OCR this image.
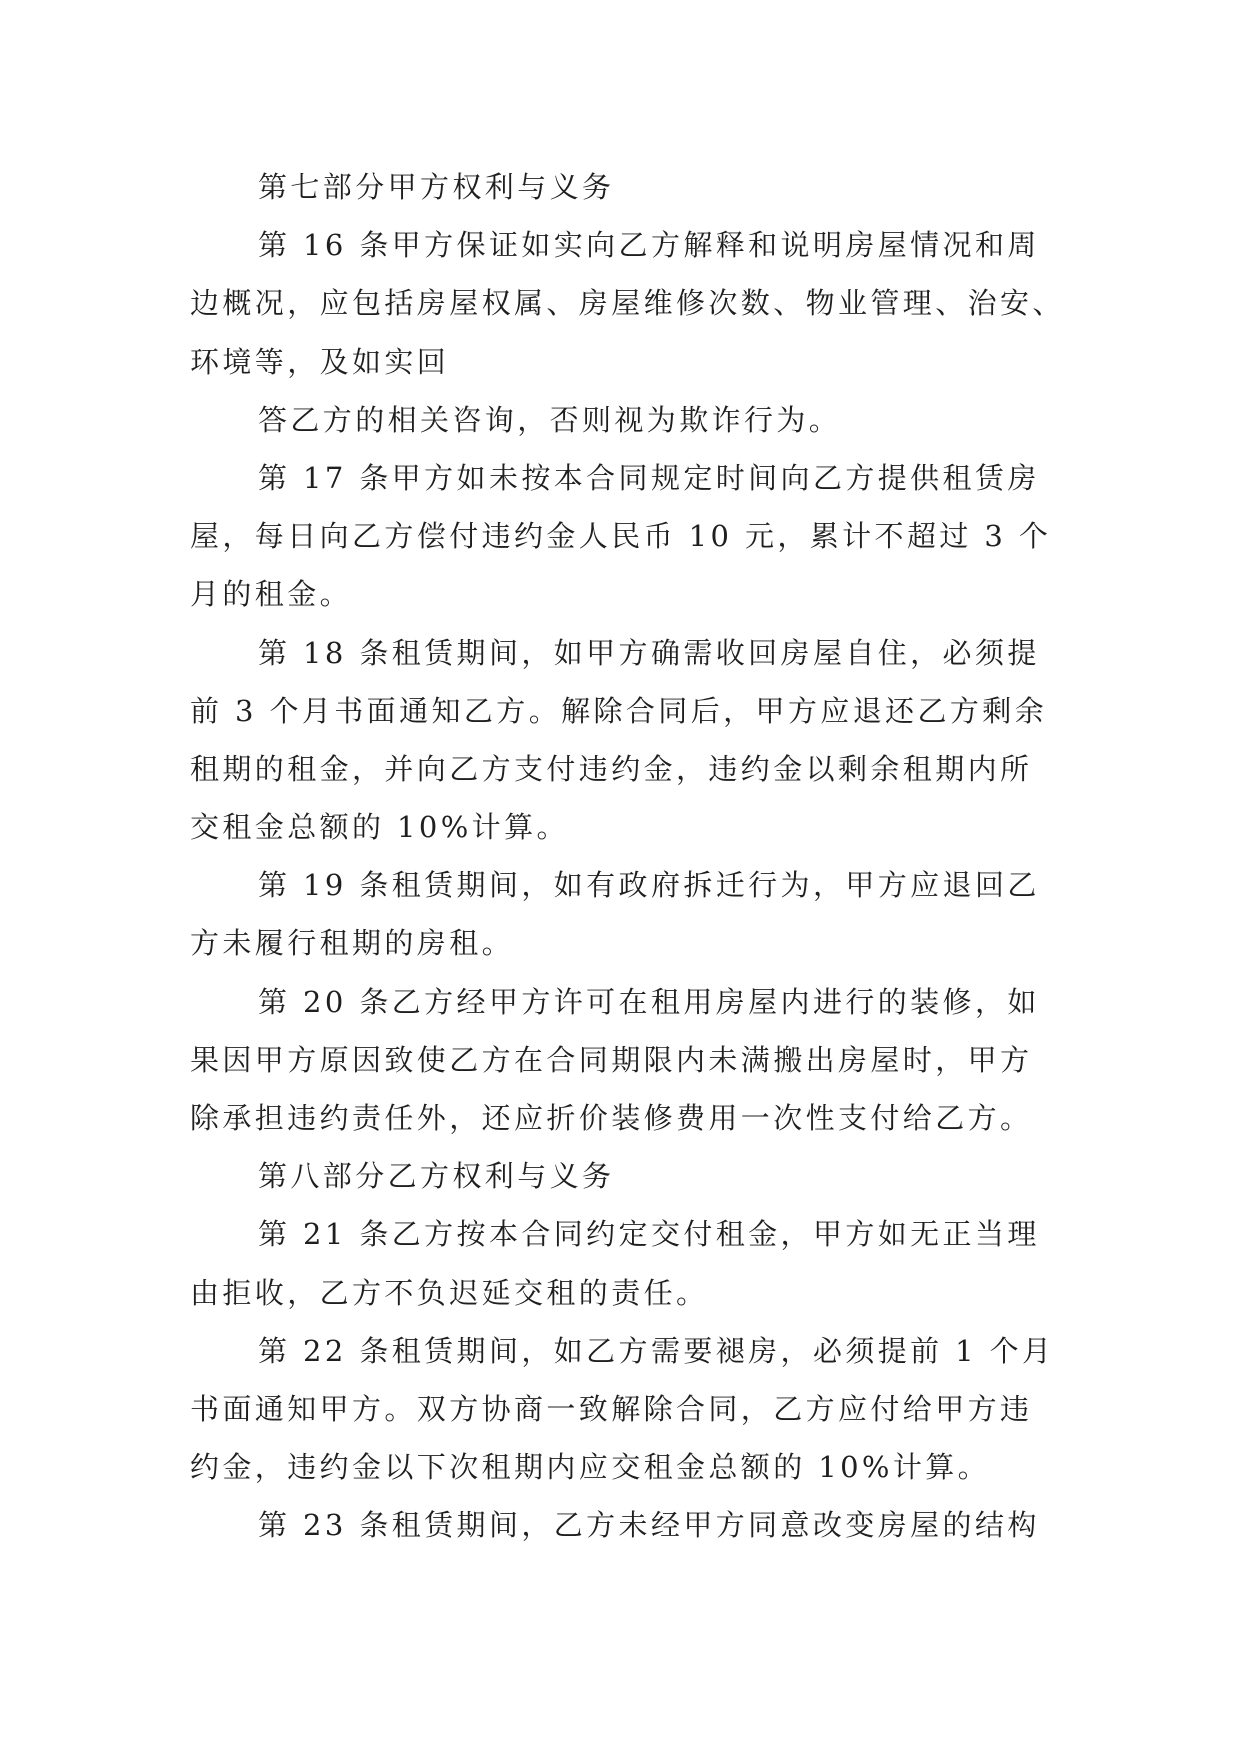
第七部分甲方权利与义务
第 16 条甲方保证如实向乙方解释和说明房屋情况和周
边概况，应包括房屋权属、房屋维修次数、物业管理、治安、
环境等，及如实回
答乙方的相关咨询，否则视为欺诈行为。
第 17 条甲方如未按本合同规定时间向乙方提供租赁房
屋，每日向乙方偿付违约金人民币 10 元，累计不超过 3 个
月的租金。
第 18 条租赁期间，如甲方确需收回房屋自住，必须提
前 3 个月书面通知乙方。解除合同后，甲方应退还乙方剩余
租期的租金，并向乙方支付违约金，违约金以剩余租期内所
交租金总额的 10%计算。
第 19 条租赁期间，如有政府拆迁行为，甲方应退回乙
方未履行租期的房租。
第 20 条乙方经甲方许可在租用房屋内进行的装修，如
果因甲方原因致使乙方在合同期限内未满搬出房屋时，甲方
除承担违约责任外，还应折价装修费用一次性支付给乙方。
第八部分乙方权利与义务
第 21 条乙方按本合同约定交付租金，甲方如无正当理
由拒收，乙方不负迟延交租的责任。
第 22 条租赁期间，如乙方需要褪房，必须提前 1 个月
书面通知甲方。双方协商一致解除合同，乙方应付给甲方违
约金，违约金以下次租期内应交租金总额的 10%计算。
第 23 条租赁期间，乙方未经甲方同意改变房屋的结构
